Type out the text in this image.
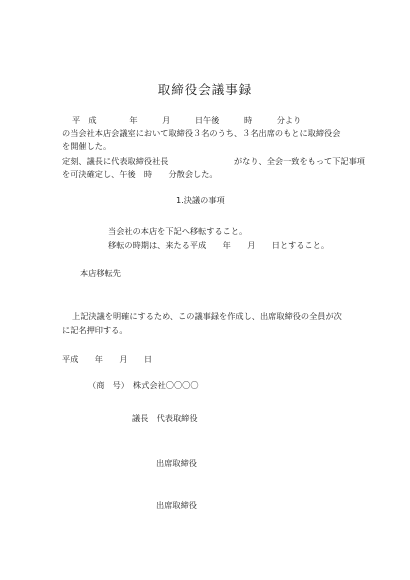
取締役会議事録
平　成　　　　年　　　月　　　日午後　　　時　　　分より
の当会社本店会議室において取締役３名のうち、３名出席のもとに取締役会
を開催した。
定刻、議長に代表取締役社長　　　　　　　　がなり、全会一致をもって下記事項
を可決確定し、午後　時　　分散会した。
1.決議の事項
当会社の本店を下記へ移転すること。
移転の時期は、来たる平成　　年　　月　　日とすること。
本店移転先
上記決議を明確にするため、この議事録を作成し、出席取締役の全員が次
に記名押印する。
平成　　年　　月　　日
（商　号）　株式会社〇〇〇〇
議長　代表取締役
出席取締役
出席取締役
